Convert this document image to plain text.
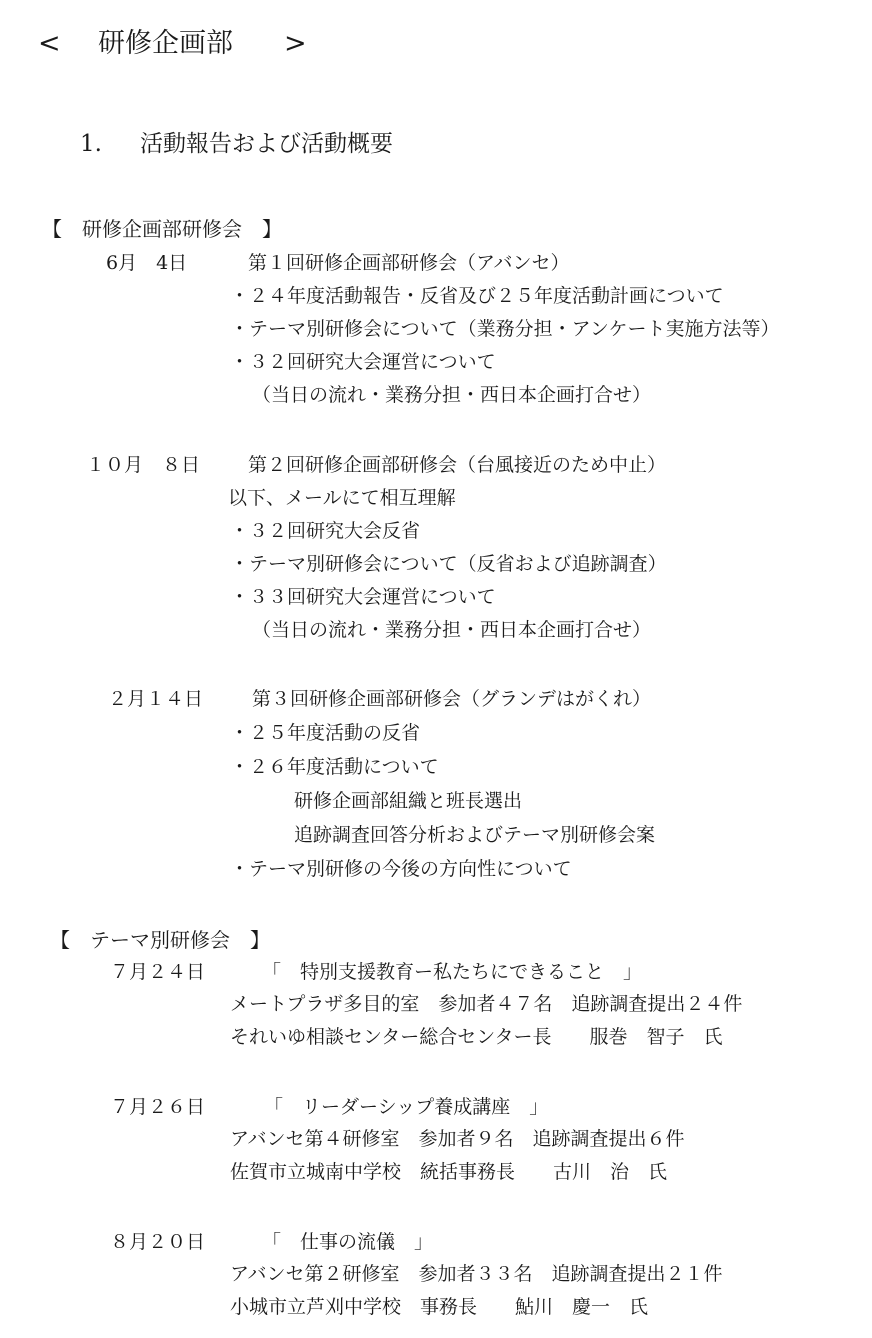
< 研修企画部 >
1. 活動報告および活動概要
【　研修企画部研修会　】
6月　4日	第１回研修企画部研修会（アバンセ）
・２４年度活動報告・反省及び２５年度活動計画について
・テーマ別研修会について（業務分担・アンケート実施方法等）
・３２回研究大会運営について
（当日の流れ・業務分担・西日本企画打合せ）
１０月　８日	第２回研修企画部研修会（台風接近のため中止）
以下、メールにて相互理解
・３２回研究大会反省
・テーマ別研修会について（反省および追跡調査）
・３３回研究大会運営について
（当日の流れ・業務分担・西日本企画打合せ）
２月１４日	第３回研修企画部研修会（グランデはがくれ）
・２５年度活動の反省
・２６年度活動について
研修企画部組織と班長選出
追跡調査回答分析およびテーマ別研修会案
・テーマ別研修の今後の方向性について
【　テーマ別研修会　】
７月２４日	「　特別支援教育ー私たちにできること　」
メートプラザ多目的室　参加者４７名　追跡調査提出２４件
それいゆ相談センター総合センター長　　服巻　智子　氏
７月２６日	「　リーダーシップ養成講座　」
アバンセ第４研修室　参加者９名　追跡調査提出６件
佐賀市立城南中学校　統括事務長　　古川　治　氏
８月２０日	「　仕事の流儀　」
アバンセ第２研修室　参加者３３名　追跡調査提出２１件
小城市立芦刈中学校　事務長　　鮎川　慶一　氏
